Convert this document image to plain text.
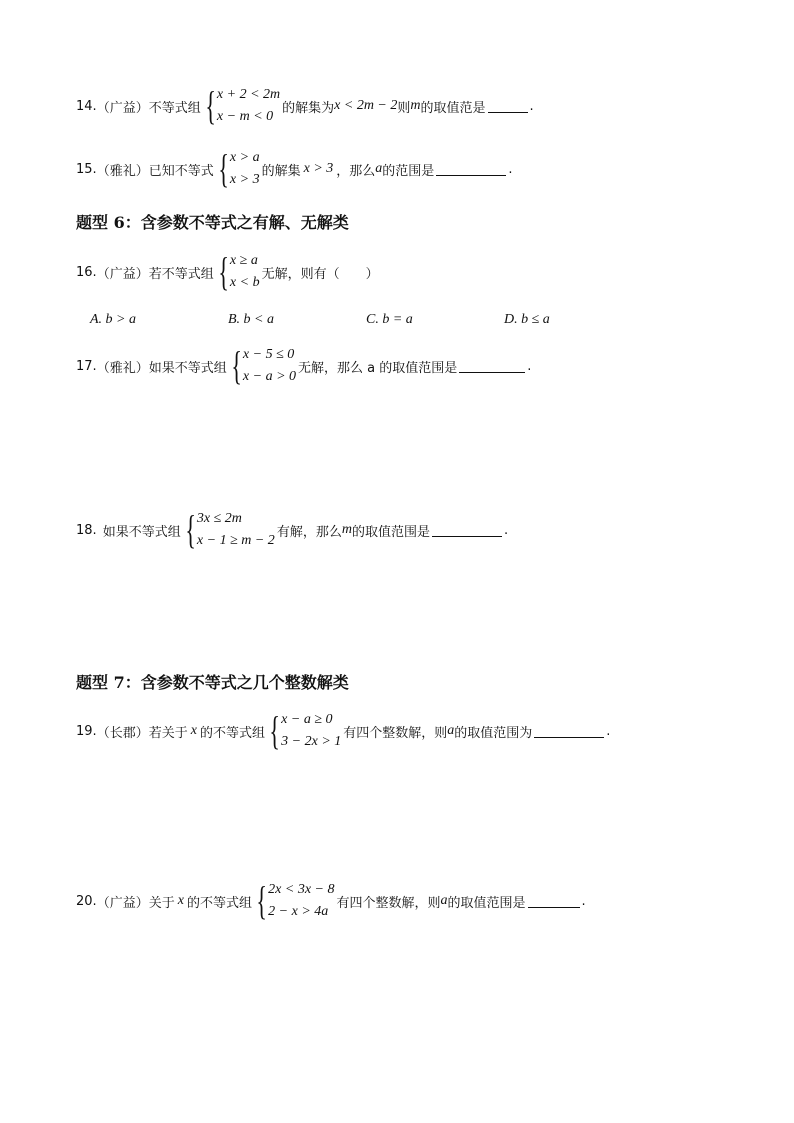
14. （广益） 不等式组 { x + 2 < 2m
x − m < 0
的解集为 x < 2m − 2 则 m 的取值范是	.
15. （雅礼） 已知不等式 { x > a
x > 3
的解集 x > 3 ，那么 a 的范围是	.
题型 6：含参数不等式之有解、无解类
16. （广益） 若不等式组 { x ≥ a
x < b
无解，则有（　　）
A. b > a	B. b < a	C. b = a	D. b ≤ a
17. （雅礼） 如果不等式组 { x − 5 ≤ 0
x − a > 0
无解，那么 a 的取值范围是	.
18. 如果不等式组 { 3x ≤ 2m
x − 1 ≥ m − 2
有解，那么 m 的取值范围是	.
题型 7：含参数不等式之几个整数解类
19. （长郡） 若关于 x 的不等式组 { x − a ≥ 0
3 − 2x > 1
有四个整数解，则 a 的取值范围为	.
20. （广益） 关于 x 的不等式组 { 2x < 3x − 8
2 − x > 4a
有四个整数解，则 a 的取值范围是	.
